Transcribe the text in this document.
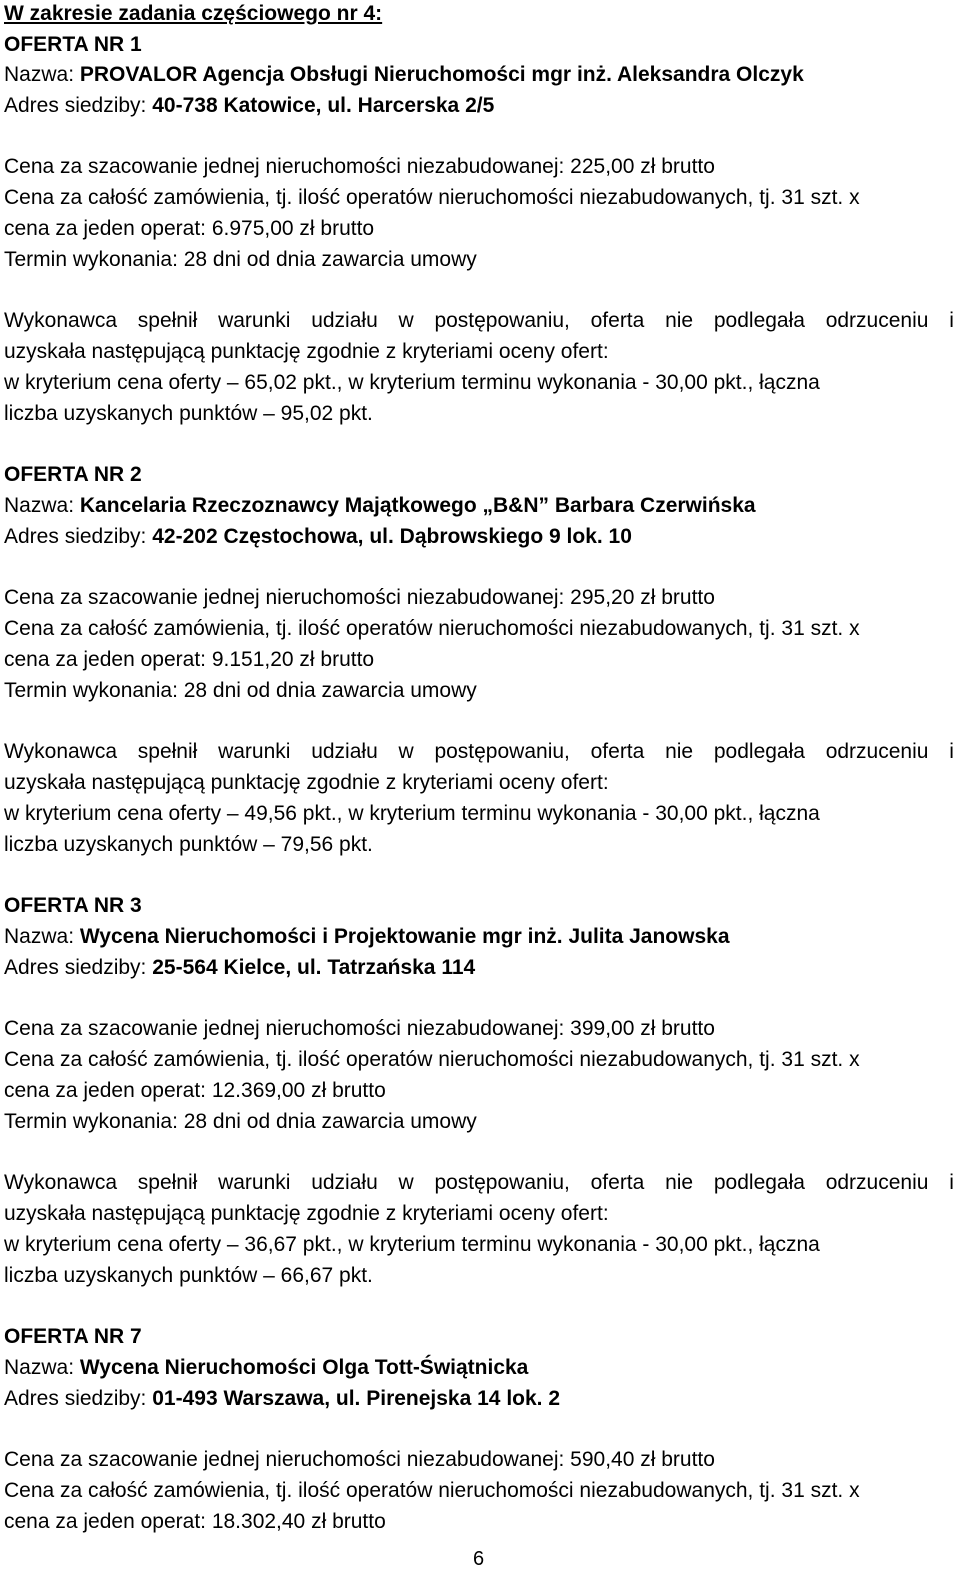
W zakresie zadania częściowego nr 4:
OFERTA NR 1
Nazwa: PROVALOR Agencja Obsługi Nieruchomości mgr inż. Aleksandra Olczyk
Adres siedziby: 40-738 Katowice, ul. Harcerska 2/5
Cena za szacowanie jednej nieruchomości niezabudowanej: 225,00 zł brutto
Cena za całość zamówienia, tj. ilość operatów nieruchomości niezabudowanych, tj. 31 szt. x
cena za jeden operat: 6.975,00 zł brutto
Termin wykonania: 28 dni od dnia zawarcia umowy
Wykonawca spełnił warunki udziału w postępowaniu, oferta nie podlegała odrzuceniu i
uzyskała następującą punktację zgodnie z kryteriami oceny ofert:
w kryterium cena oferty – 65,02 pkt., w kryterium terminu wykonania - 30,00 pkt., łączna
liczba uzyskanych punktów – 95,02 pkt.
OFERTA NR 2
Nazwa: Kancelaria Rzeczoznawcy Majątkowego „B&N” Barbara Czerwińska
Adres siedziby: 42-202 Częstochowa, ul. Dąbrowskiego 9 lok. 10
Cena za szacowanie jednej nieruchomości niezabudowanej: 295,20 zł brutto
Cena za całość zamówienia, tj. ilość operatów nieruchomości niezabudowanych, tj. 31 szt. x
cena za jeden operat: 9.151,20 zł brutto
Termin wykonania: 28 dni od dnia zawarcia umowy
Wykonawca spełnił warunki udziału w postępowaniu, oferta nie podlegała odrzuceniu i
uzyskała następującą punktację zgodnie z kryteriami oceny ofert:
w kryterium cena oferty – 49,56 pkt., w kryterium terminu wykonania - 30,00 pkt., łączna
liczba uzyskanych punktów – 79,56 pkt.
OFERTA NR 3
Nazwa: Wycena Nieruchomości i Projektowanie mgr inż. Julita Janowska
Adres siedziby: 25-564 Kielce, ul. Tatrzańska 114
Cena za szacowanie jednej nieruchomości niezabudowanej: 399,00 zł brutto
Cena za całość zamówienia, tj. ilość operatów nieruchomości niezabudowanych, tj. 31 szt. x
cena za jeden operat: 12.369,00 zł brutto
Termin wykonania: 28 dni od dnia zawarcia umowy
Wykonawca spełnił warunki udziału w postępowaniu, oferta nie podlegała odrzuceniu i
uzyskała następującą punktację zgodnie z kryteriami oceny ofert:
w kryterium cena oferty – 36,67 pkt., w kryterium terminu wykonania - 30,00 pkt., łączna
liczba uzyskanych punktów – 66,67 pkt.
OFERTA NR 7
Nazwa: Wycena Nieruchomości Olga Tott-Świątnicka
Adres siedziby: 01-493 Warszawa, ul. Pirenejska 14 lok. 2
Cena za szacowanie jednej nieruchomości niezabudowanej: 590,40 zł brutto
Cena za całość zamówienia, tj. ilość operatów nieruchomości niezabudowanych, tj. 31 szt. x
cena za jeden operat: 18.302,40 zł brutto
6
